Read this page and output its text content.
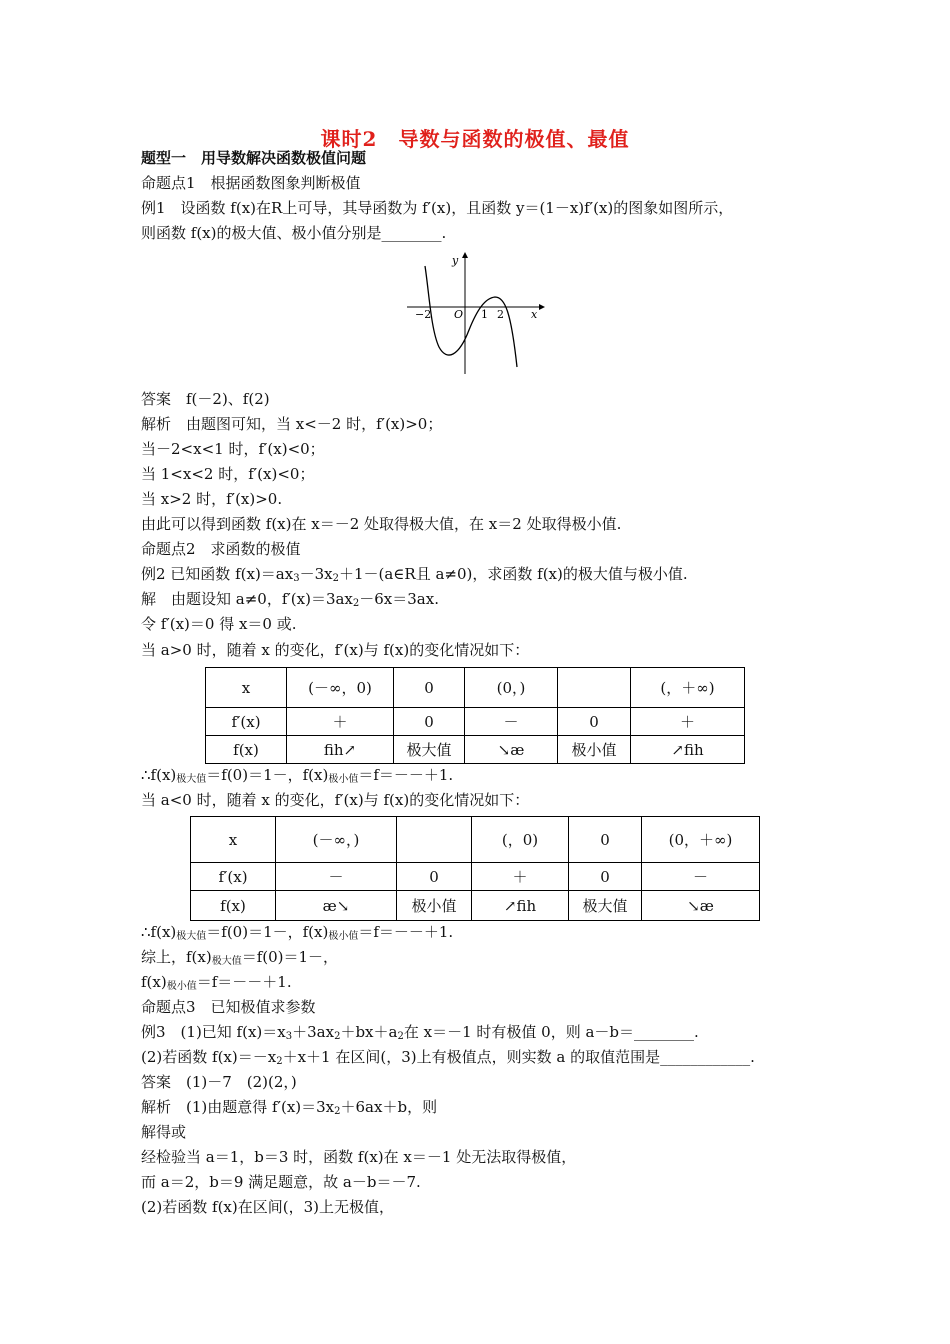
课时2　导数与函数的极值、最值
题型一　用导数解决函数极值问题
命题点1　根据函数图象判断极值
例1　设函数 f(x)在R上可导，其导函数为 f′(x)，且函数 y＝(1－x)f′(x)的图象如图所示，
则函数 f(x)的极大值、极小值分别是________.
y
x
O
−2	1 2
答案　f(－2)、f(2)
解析　由题图可知，当 x<－2 时，f′(x)>0；
当－2<x<1 时，f′(x)<0；
当 1<x<2 时，f′(x)<0；
当 x>2 时，f′(x)>0.
由此可以得到函数 f(x)在 x＝－2 处取得极大值，在 x＝2 处取得极小值.
命题点2　求函数的极值
例2 已知函数 $f(x)=ax^3-3x^2+1-(a\in R$且 a≠0)，求函数 f(x)的极大值与极小值.
解　由题设知 a≠0，$f'(x)=3ax^2-6x=3ax$.
令 f′(x)＝0 得 x＝0 或.
当 a>0 时，随着 x 的变化，f′(x)与 f(x)的变化情况如下：
x	(－∞，0)	0	(0，)		(，＋∞)
f′(x)	＋	0	－	0	＋
f(x)	ﬁh↗	极大值	↘æ	极小值	↗ﬁh
$\therefore f(x)_{极大值}=f(0)=1-$，$f(x)_{极小值}=f=--+1$.
当 a<0 时，随着 x 的变化，f′(x)与 f(x)的变化情况如下：
x	(－∞，)		(，0)	0	(0，＋∞)
f′(x)	－	0	＋	0	－
f(x)	æ↘	极小值	↗ﬁh	极大值	↘æ
$\therefore f(x)_{极大值}=f(0)=1-$，$f(x)_{极小值}=f=--+1$.
综上，$f(x)_{极大值}=f(0)=1-$，
$f(x)_{极小值}=f=--+1$.
命题点3　已知极值求参数
例3　(1)已知 $f(x)=x^3+3ax^2+bx+a^2$在 x＝－1 时有极值 0，则 a－b＝________.
(2)若函数 $f(x)=-x^2+x+1$ 在区间(，3)上有极值点，则实数 a 的取值范围是____________.
答案　(1)－7　(2)(2，)
解析　(1)由题意得 $f'(x)=3x^2+6ax+b$，则
解得或
经检验当 a＝1，b＝3 时，函数 f(x)在 x＝－1 处无法取得极值，
而 a＝2，b＝9 满足题意，故 a－b＝－7.
(2)若函数 f(x)在区间(，3)上无极值，
